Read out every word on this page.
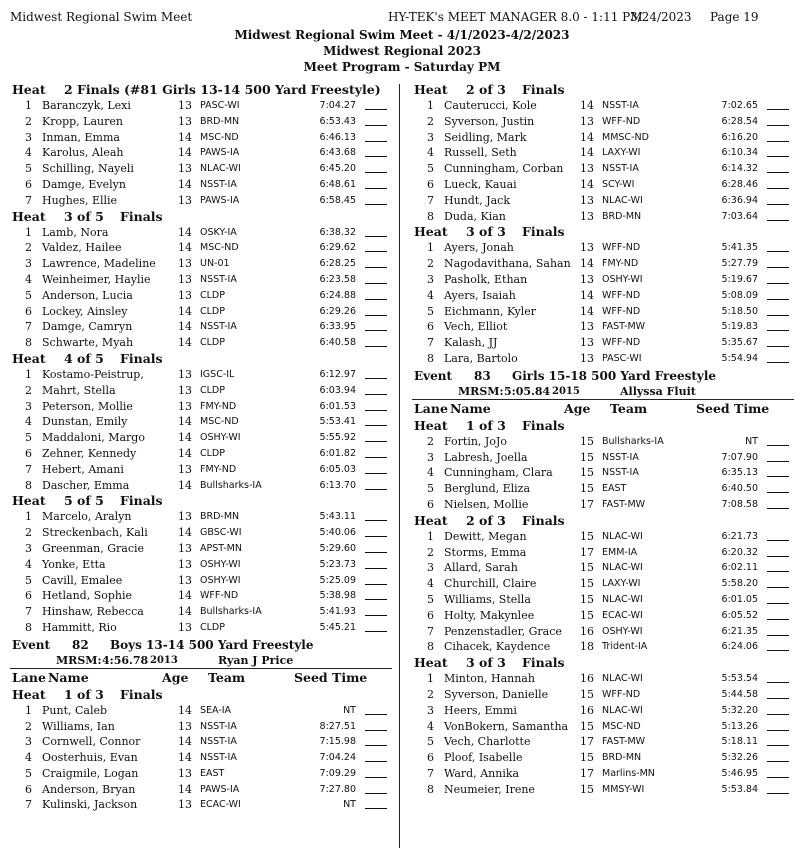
Midwest Regional Swim Meet	HY-TEK's MEET MANAGER 8.0 - 1:11 PM
3/24/2023 Page 19
Midwest Regional Swim Meet - 4/1/2023-4/2/2023
Midwest Regional 2023
Meet Program - Saturday PM
Heat 2 Finals (#81 Girls 13-14 500 Yard Freestyle)
1 Baranczyk, Lexi	13 PASC-WI	7:04.27
2 Kropp, Lauren	13 BRD-MN	6:53.43
3 Inman, Emma	14 MSC-ND	6:46.13
4 Karolus, Aleah	14 PAWS-IA	6:43.68
5 Schilling, Nayeli	13 NLAC-WI	6:45.20
6 Damge, Evelyn	14 NSST-IA	6:48.61
7 Hughes, Ellie	13 PAWS-IA	6:58.45
Heat 3 of 5 Finals
1 Lamb, Nora	14 OSKY-IA	6:38.32
2 Valdez, Hailee	14 MSC-ND	6:29.62
3 Lawrence, Madeline 13 UN-01	6:28.25
4 Weinheimer, Haylie 13 NSST-IA	6:23.58
5 Anderson, Lucia	13 CLDP	6:24.88
6 Lockey, Ainsley	14 CLDP	6:29.26
7 Damge, Camryn	14 NSST-IA	6:33.95
8 Schwarte, Myah	14 CLDP	6:40.58
Heat 4 of 5 Finals
1 Kostamo-Peistrup,	13 IGSC-IL	6:12.97
2 Mahrt, Stella	13 CLDP	6:03.94
3 Peterson, Mollie	13 FMY-ND	6:01.53
4 Dunstan, Emily	14 MSC-ND	5:53.41
5 Maddaloni, Margo	14 OSHY-WI	5:55.92
6 Zehner, Kennedy	14 CLDP	6:01.82
7 Hebert, Amani	13 FMY-ND	6:05.03
8 Dascher, Emma	14 Bullsharks-IA	6:13.70
Heat 5 of 5 Finals
1 Marcelo, Aralyn	13 BRD-MN	5:43.11
2 Streckenbach, Kali	14 GBSC-WI	5:40.06
3 Greenman, Gracie	13 APST-MN	5:29.60
4 Yonke, Etta	13 OSHY-WI	5:23.73
5 Cavill, Emalee	13 OSHY-WI	5:25.09
6 Hetland, Sophie	14 WFF-ND	5:38.98
7 Hinshaw, Rebecca	14 Bullsharks-IA	5:41.93
8 Hammitt, Rio	13 CLDP	5:45.21
Event 82 Boys 13-14 500 Yard Freestyle
MRSM: 4:56.78 2013	Ryan J Price
Lane Name	Age Team	Seed Time
Heat 1 of 3 Finals
1 Punt, Caleb	14 SEA-IA	NT
2 Williams, Ian	13 NSST-IA	8:27.51
3 Cornwell, Connor	14 NSST-IA	7:15.98
4 Oosterhuis, Evan	14 NSST-IA	7:04.24
5 Craigmile, Logan	13 EAST	7:09.29
6 Anderson, Bryan	14 PAWS-IA	7:27.80
7 Kulinski, Jackson	13 ECAC-WI	NT
Heat 2 of 3 Finals
1 Cauterucci, Kole	14 NSST-IA	7:02.65
2 Syverson, Justin	13 WFF-ND	6:28.54
3 Seidling, Mark	14 MMSC-ND	6:16.20
4 Russell, Seth	14 LAXY-WI	6:10.34
5 Cunningham, Corban 13 NSST-IA	6:14.32
6 Lueck, Kauai	14 SCY-WI	6:28.46
7 Hundt, Jack	13 NLAC-WI	6:36.94
8 Duda, Kian	13 BRD-MN	7:03.64
Heat 3 of 3 Finals
1 Ayers, Jonah	13 WFF-ND	5:41.35
2 Nagodavithana, Sahan 14 FMY-ND	5:27.79
3 Pasholk, Ethan	13 OSHY-WI	5:19.67
4 Ayers, Isaiah	14 WFF-ND	5:08.09
5 Eichmann, Kyler	14 WFF-ND	5:18.50
6 Vech, Elliot	13 FAST-MW	5:19.83
7 Kalash, JJ	13 WFF-ND	5:35.67
8 Lara, Bartolo	13 PASC-WI	5:54.94
Event 83 Girls 15-18 500 Yard Freestyle
MRSM: 5:05.84 2015	Allyssa Fluit
Lane Name	Age Team	Seed Time
Heat 1 of 3 Finals
2 Fortin, JoJo	15 Bullsharks-IA	NT
3 Labresh, Joella	15 NSST-IA	7:07.90
4 Cunningham, Clara 15 NSST-IA	6:35.13
5 Berglund, Eliza	15 EAST	6:40.50
6 Nielsen, Mollie	17 FAST-MW	7:08.58
Heat 2 of 3 Finals
1 Dewitt, Megan	15 NLAC-WI	6:21.73
2 Storms, Emma	17 EMM-IA	6:20.32
3 Allard, Sarah	15 NLAC-WI	6:02.11
4 Churchill, Claire	15 LAXY-WI	5:58.20
5 Williams, Stella	15 NLAC-WI	6:01.05
6 Holty, Makynlee	15 ECAC-WI	6:05.52
7 Penzenstadler, Grace 16 OSHY-WI	6:21.35
8 Cihacek, Kaydence	18 Trident-IA	6:24.06
Heat 3 of 3 Finals
1 Minton, Hannah	16 NLAC-WI	5:53.54
2 Syverson, Danielle	15 WFF-ND	5:44.58
3 Heers, Emmi	16 NLAC-WI	5:32.20
4 VonBokern, Samantha 15 MSC-ND	5:13.26
5 Vech, Charlotte	17 FAST-MW	5:18.11
6 Ploof, Isabelle	15 BRD-MN	5:32.26
7 Ward, Annika	17 Marlins-MN	5:46.95
8 Neumeier, Irene	15 MMSY-WI	5:53.84
